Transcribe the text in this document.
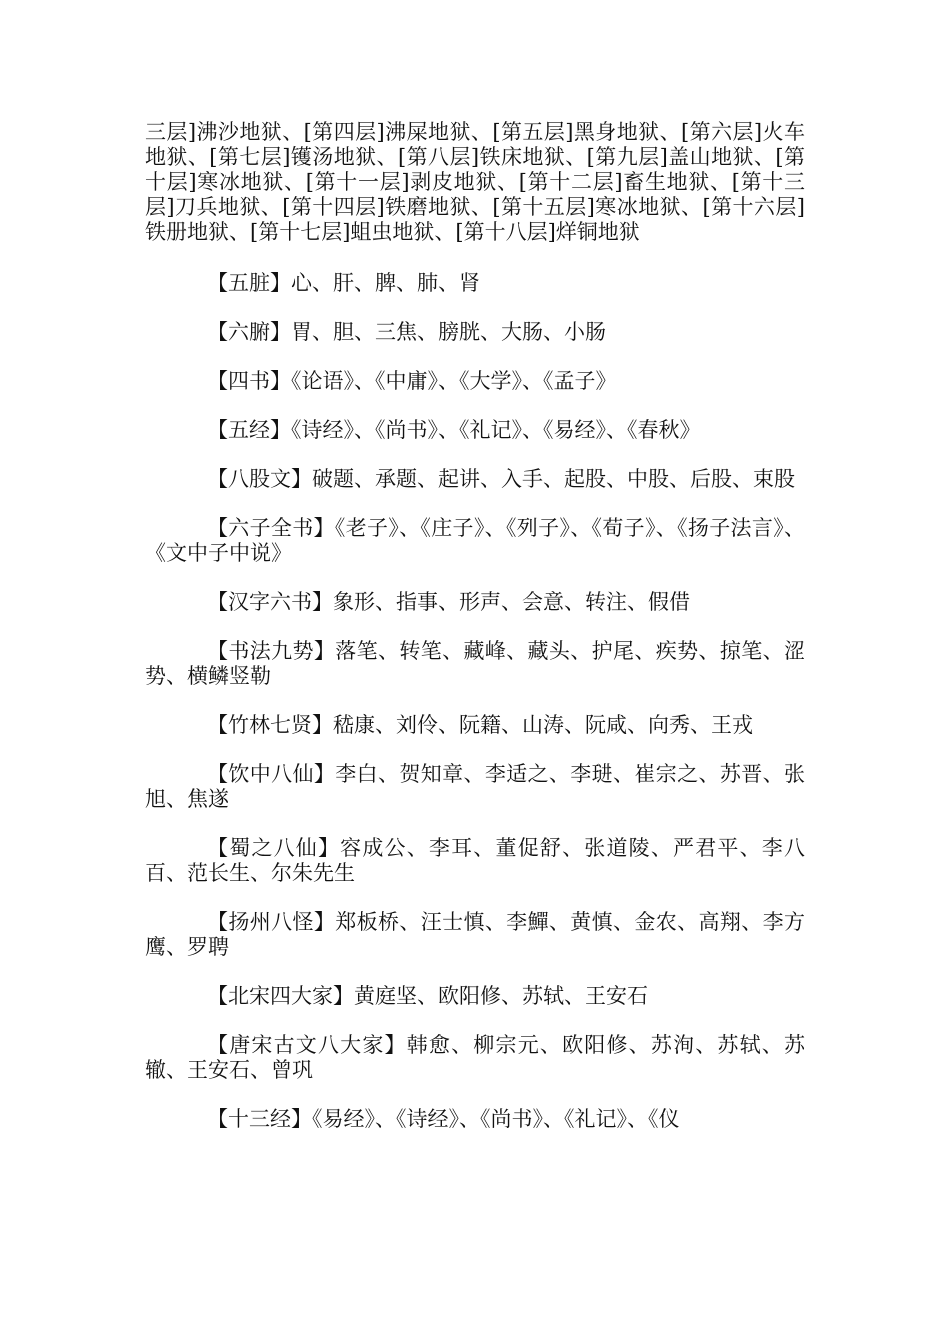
三层]沸沙地狱、[第四层]沸屎地狱、[第五层]黑身地狱、[第六层]火车地狱、[第七层]镬汤地狱、[第八层]铁床地狱、[第九层]盖山地狱、[第十层]寒冰地狱、[第十一层]剥皮地狱、[第十二层]畜生地狱、[第十三层]刀兵地狱、[第十四层]铁磨地狱、[第十五层]寒冰地狱、[第十六层]铁册地狱、[第十七层]蛆虫地狱、[第十八层]烊铜地狱

【五脏】心、肝、脾、肺、肾

【六腑】胃、胆、三焦、膀胱、大肠、小肠

【四书】《论语》、《中庸》、《大学》、《孟子》

【五经】《诗经》、《尚书》、《礼记》、《易经》、《春秋》

【八股文】破题、承题、起讲、入手、起股、中股、后股、束股

【六子全书】《老子》、《庄子》、《列子》、《荀子》、《扬子法言》、《文中子中说》

【汉字六书】象形、指事、形声、会意、转注、假借

【书法九势】落笔、转笔、藏峰、藏头、护尾、疾势、掠笔、涩势、横鳞竖勒

【竹林七贤】嵇康、刘伶、阮籍、山涛、阮咸、向秀、王戎

【饮中八仙】李白、贺知章、李适之、李琎、崔宗之、苏晋、张旭、焦遂

【蜀之八仙】容成公、李耳、董促舒、张道陵、严君平、李八百、范长生、尔朱先生

【扬州八怪】郑板桥、汪士慎、李鱓、黄慎、金农、高翔、李方鹰、罗聘

【北宋四大家】黄庭坚、欧阳修、苏轼、王安石

【唐宋古文八大家】韩愈、柳宗元、欧阳修、苏洵、苏轼、苏辙、王安石、曾巩

【十三经】《易经》、《诗经》、《尚书》、《礼记》、《仪
